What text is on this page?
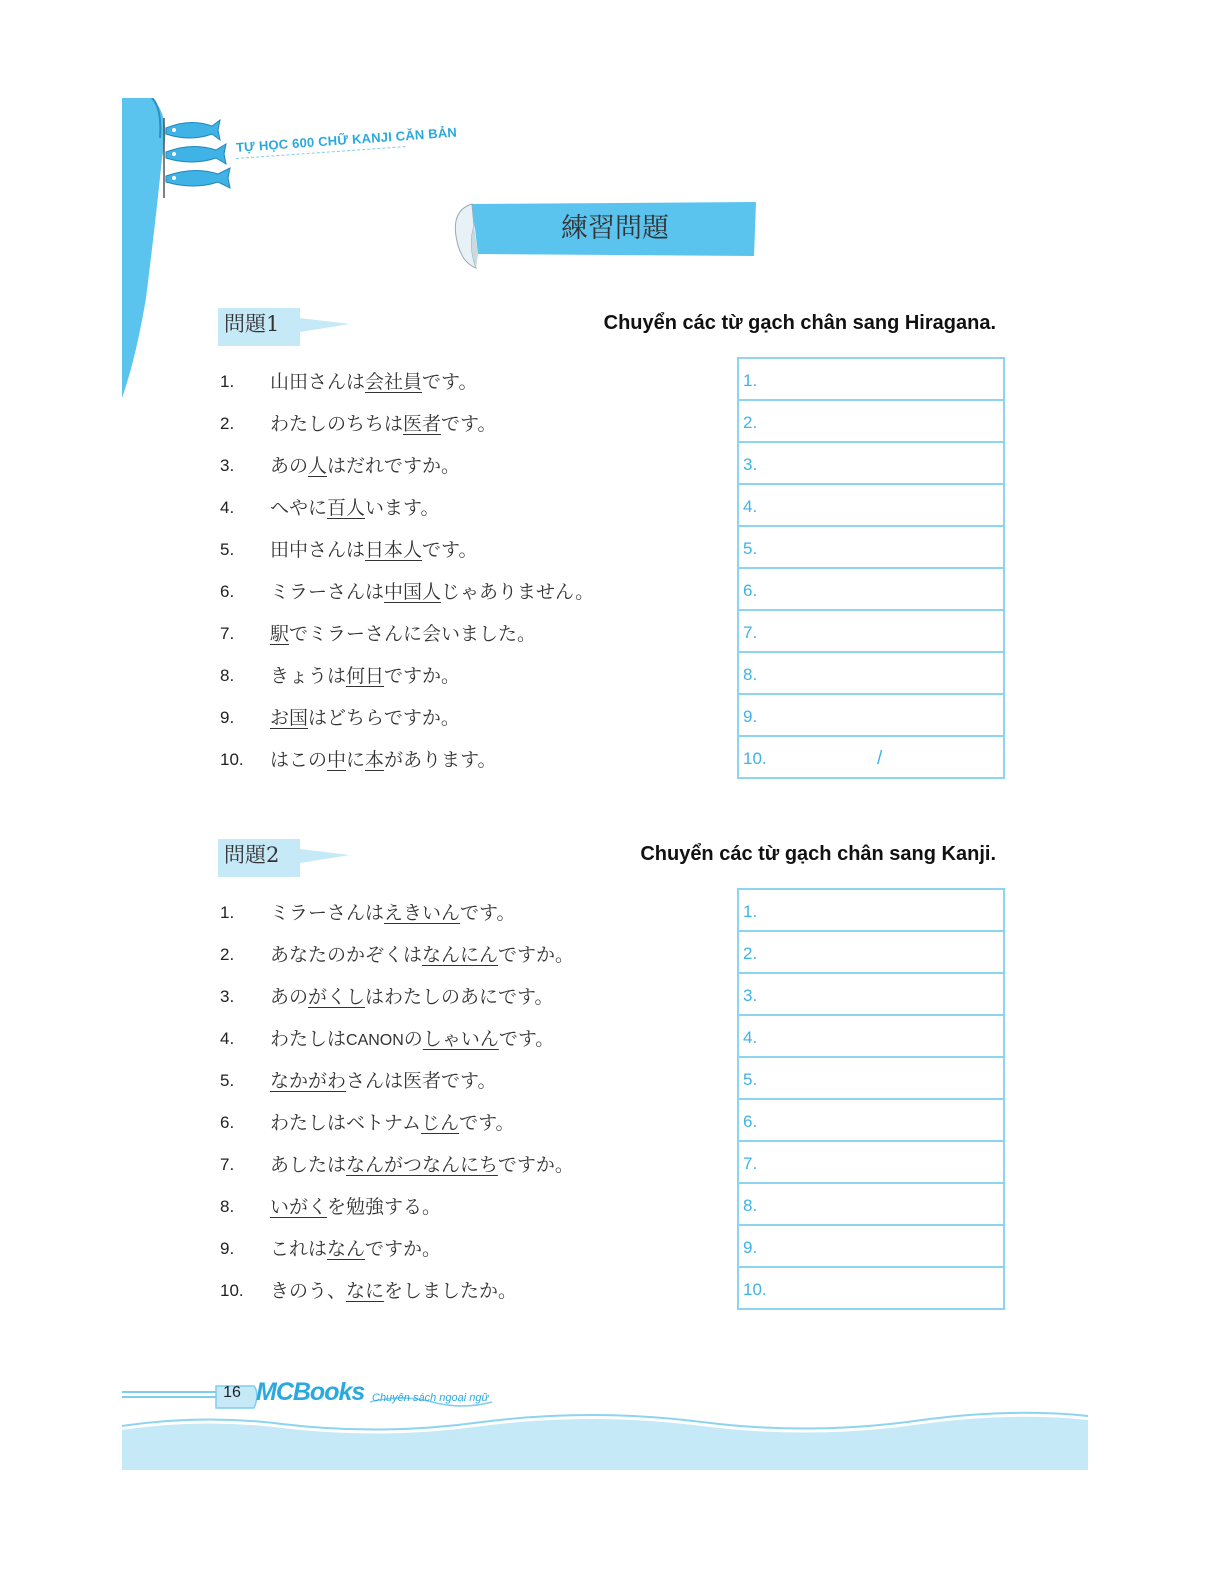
TỰ HỌC 600 CHỮ KANJI CĂN BẢN
練習問題
問題1	Chuyển các từ gạch chân sang Hiragana.
1.	山田さんは会社員です。
2.	わたしのちちは医者です。
3.	あの人はだれですか。
4.	へやに百人います。
5.	田中さんは日本人です。
6.	ミラーさんは中国人じゃありません。
7.	駅でミラーさんに会いました。
8.	きょうは何日ですか。
9.	お国はどちらですか。
10.	はこの中に本があります。
1.
2.
3.
4.
5.
6.
7.
8.
9.
10.	/
問題2	Chuyển các từ gạch chân sang Kanji.
1.	ミラーさんはえきいんです。
2.	あなたのかぞくはなんにんですか。
3.	あのがくしはわたしのあにです。
4.	わたしはCANONのしゃいんです。
5.	なかがわさんは医者です。
6.	わたしはベトナムじんです。
7.	あしたはなんがつなんにちですか。
8.	いがくを勉強する。
9.	これはなんですか。
10.	きのう、なにをしましたか。
1.
2.
3.
4.
5.
6.
7.
8.
9.
10.
16 MCBooks Chuyên sách ngoại ngữ
